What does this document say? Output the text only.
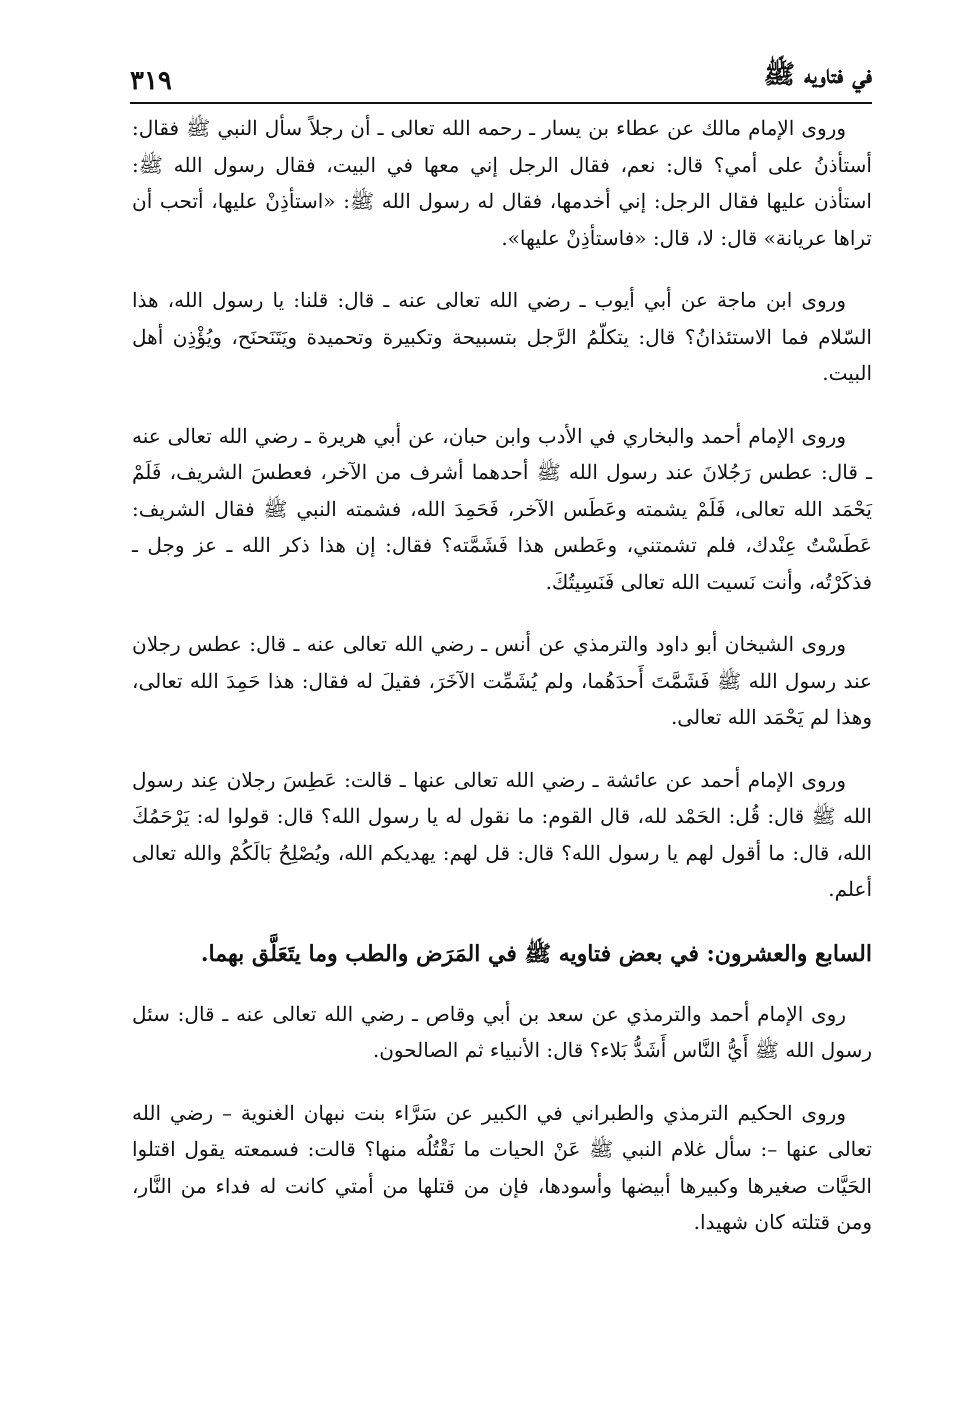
في فتاويه ﷺ
٣١٩

وروى الإمام مالك عن عطاء بن يسار ـ رحمه الله تعالى ـ أن رجلاً سأل النبي ﷺ فقال: أستأذنُ على أمي؟ قال: نعم، فقال الرجل إني معها في البيت، فقال رسول الله ﷺ: استأذن عليها فقال الرجل: إني أخدمها، فقال له رسول الله ﷺ: «استأذِنْ عليها، أتحب أن تراها عريانة» قال: لا، قال: «فاستأذِنْ عليها».

وروى ابن ماجة عن أبي أيوب ـ رضي الله تعالى عنه ـ قال: قلنا: يا رسول الله، هذا السّلام فما الاستئذانُ؟ قال: يتكلّمُ الرَّجل بتسبيحة وتكبيرة وتحميدة ويَتَنَحنَح، ويُؤْذِن أهل البيت.

وروى الإمام أحمد والبخاري في الأدب وابن حبان، عن أبي هريرة ـ رضي الله تعالى عنه ـ قال: عطس رَجُلانَ عند رسول الله ﷺ أحدهما أشرف من الآخر، فعطسَ الشريف، فَلَمْ يَحْمَد الله تعالى، فَلَمْ يشمته وعَطَس الآخر، فَحَمِدَ الله، فشمته النبي ﷺ فقال الشريف: عَطَسْتُ عِنْدك، فلم تشمتني، وعَطس هذا فَشَمَّته؟ فقال: إن هذا ذكر الله ـ عز وجل ـ فذكَرْتُه، وأنت نَسيت الله تعالى فَنَسِيتُكَ.

وروى الشيخان أبو داود والترمذي عن أنس ـ رضي الله تعالى عنه ـ قال: عطس رجلان عند رسول الله ﷺ فَشَمَّتَ أَحدَهُما، ولم يُشَمِّت الآخَرَ، فقيلَ له فقال: هذا حَمِدَ الله تعالى، وهذا لم يَحْمَد الله تعالى.

وروى الإمام أحمد عن عائشة ـ رضي الله تعالى عنها ـ قالت: عَطِسَ رجلان عِند رسول الله ﷺ قال: قُل: الحَمْد لله، قال القوم: ما نقول له يا رسول الله؟ قال: قولوا له: يَرْحَمُكَ الله، قال: ما أقول لهم يا رسول الله؟ قال: قل لهم: يهديكم الله، ويُصْلِحُ بَالَكُمْ والله تعالى أعلم.

السابع والعشرون: في بعض فتاويه ﷺ في المَرَض والطب وما يتَعَلَّق بهما.

روى الإمام أحمد والترمذي عن سعد بن أبي وقاص ـ رضي الله تعالى عنه ـ قال: سئل رسول الله ﷺ أَيُّ النَّاس أَشَدُّ بَلاء؟ قال: الأنبياء ثم الصالحون.

وروى الحكيم الترمذي والطبراني في الكبير عن سَرَّاء بنت نبهان الغنوية – رضي الله تعالى عنها –: سأل غلام النبي ﷺ عَنْ الحيات ما نَقْتُلُه منها؟ قالت: فسمعته يقول اقتلوا الحَيَّات صغيرها وكبيرها أبيضها وأسودها، فإن من قتلها من أمتي كانت له فداء من النَّار، ومن قتلته كان شهيدا.
